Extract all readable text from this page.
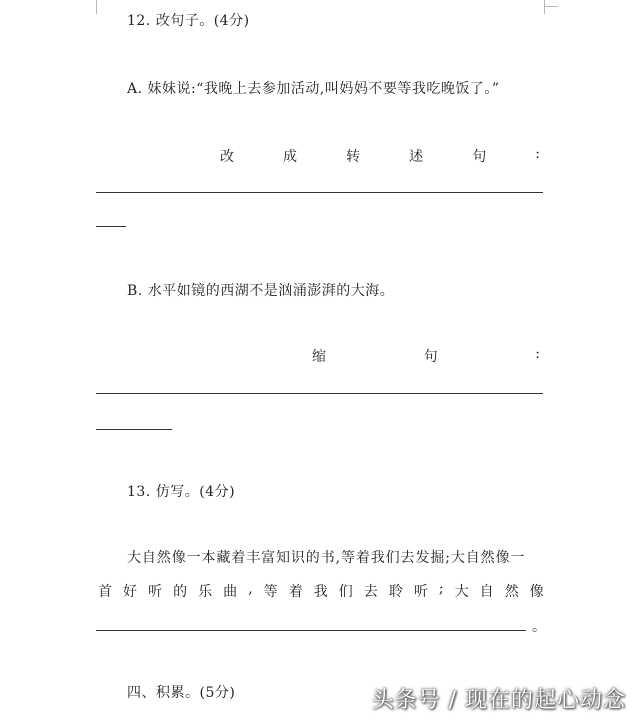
12. 改句子。(4分)
A. 妹妹说:“我晚上去参加活动,叫妈妈不要等我吃晚饭了。”
改	成	转	述	句	:
B. 水平如镜的西湖不是汹涌澎湃的大海。
缩	句	:
13. 仿写。(4分)
大自然像一本藏着丰富知识的书,等着我们去发掘;大自然像一
首 好 听 的 乐 曲 , 等 着 我 们 去 聆 听 ; 大 自 然 像
。
四、积累。(5分)	头条号 / 现在的起心动念
